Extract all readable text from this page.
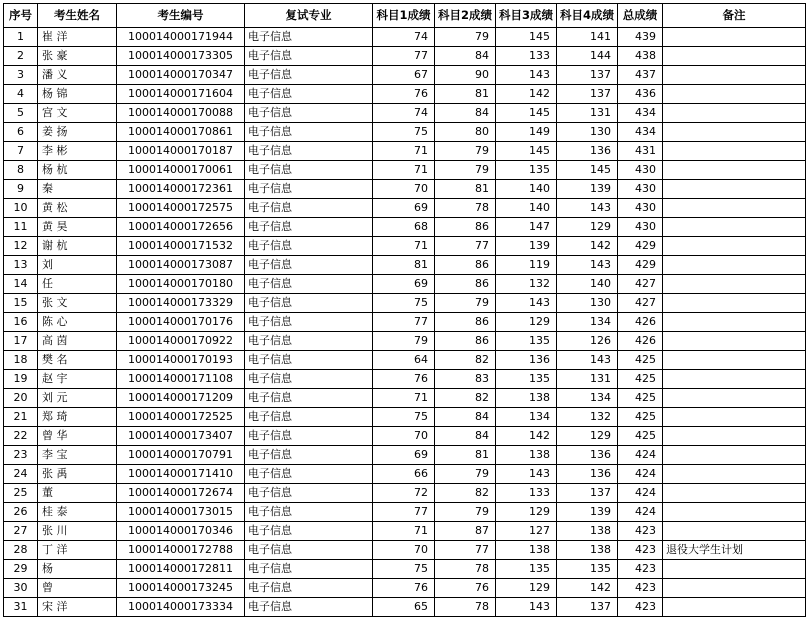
序号	考生姓名	考生编号	复试专业	科目1成绩	科目2成绩	科目3成绩	科目4成绩	总成绩	备注
1	崔 洋	100014000171944	电子信息	74	79	145	141	439	
2	张 豪	100014000173305	电子信息	77	84	133	144	438	
3	潘 义	100014000170347	电子信息	67	90	143	137	437	
4	杨 锦	100014000171604	电子信息	76	81	142	137	436	
5	宫 文	100014000170088	电子信息	74	84	145	131	434	
6	姜 扬	100014000170861	电子信息	75	80	149	130	434	
7	李 彬	100014000170187	电子信息	71	79	145	136	431	
8	杨 杭	100014000170061	电子信息	71	79	135	145	430	
9	秦	100014000172361	电子信息	70	81	140	139	430	
10	黄 松	100014000172575	电子信息	69	78	140	143	430	
11	黄 昊	100014000172656	电子信息	68	86	147	129	430	
12	谢 杭	100014000171532	电子信息	71	77	139	142	429	
13	刘	100014000173087	电子信息	81	86	119	143	429	
14	任	100014000170180	电子信息	69	86	132	140	427	
15	张 文	100014000173329	电子信息	75	79	143	130	427	
16	陈 心	100014000170176	电子信息	77	86	129	134	426	
17	高 茵	100014000170922	电子信息	79	86	135	126	426	
18	樊 名	100014000170193	电子信息	64	82	136	143	425	
19	赵 宇	100014000171108	电子信息	76	83	135	131	425	
20	刘 元	100014000171209	电子信息	71	82	138	134	425	
21	郑 琦	100014000172525	电子信息	75	84	134	132	425	
22	曾 华	100014000173407	电子信息	70	84	142	129	425	
23	李 宝	100014000170791	电子信息	69	81	138	136	424	
24	张 禹	100014000171410	电子信息	66	79	143	136	424	
25	董	100014000172674	电子信息	72	82	133	137	424	
26	桂 泰	100014000173015	电子信息	77	79	129	139	424	
27	张 川	100014000170346	电子信息	71	87	127	138	423	
28	丁 洋	100014000172788	电子信息	70	77	138	138	423	退役大学生计划
29	杨	100014000172811	电子信息	75	78	135	135	423	
30	曾	100014000173245	电子信息	76	76	129	142	423	
31	宋 洋	100014000173334	电子信息	65	78	143	137	423	
